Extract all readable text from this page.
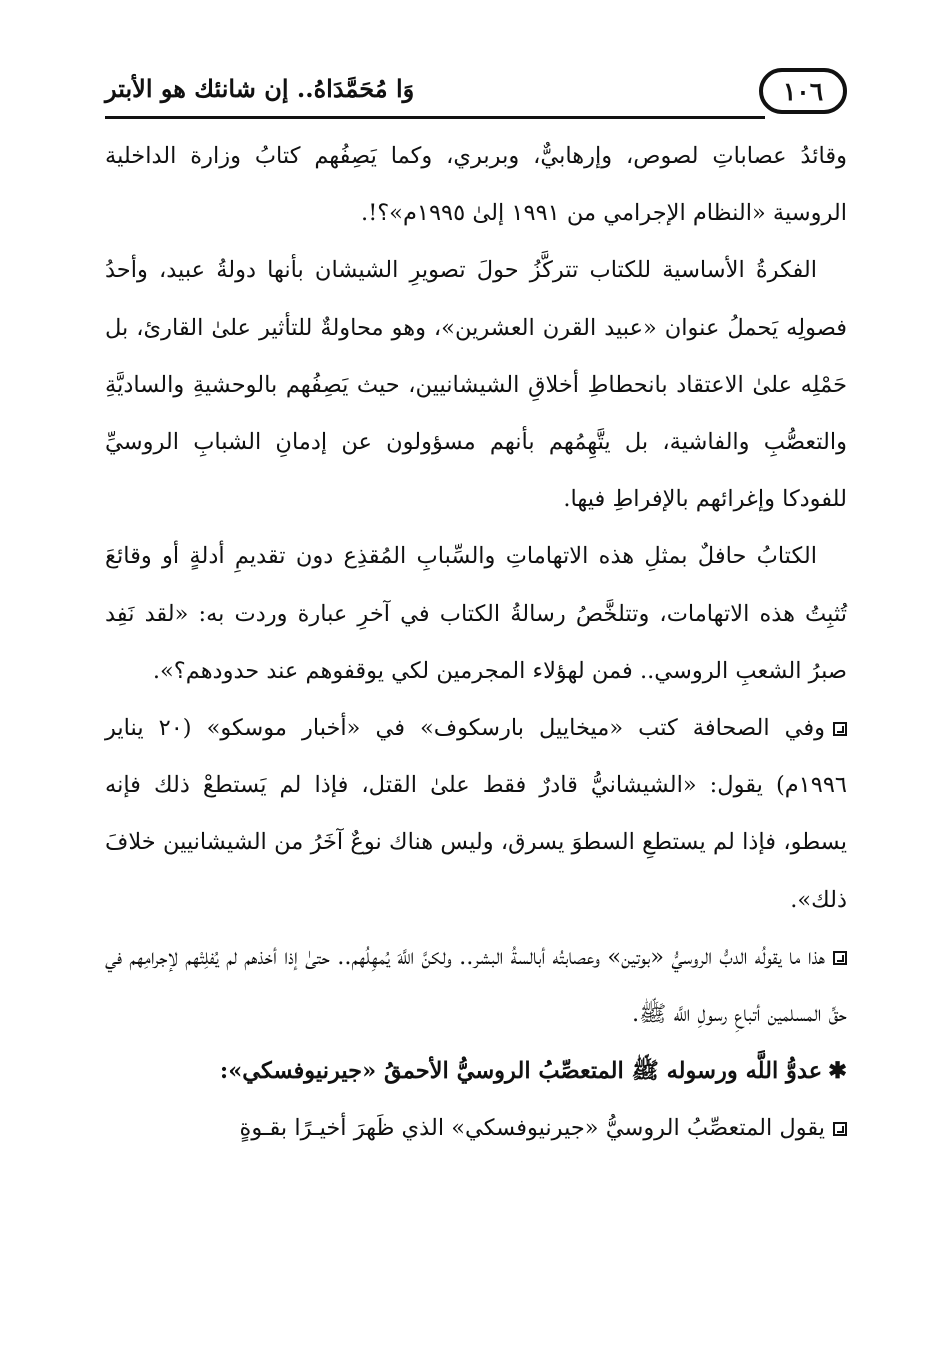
١٠٦
وَا مُحَمَّدَاهُ.. إن شانئك هو الأبتر

وقائدُ عصاباتِ لصوص، وإرهابيٌّ، وبربري، وكما يَصِفُهم كتابُ وزارة الداخلية الروسية «النظام الإجرامي من ١٩٩١ إلىٰ ١٩٩٥م»؟!.

الفكرةُ الأساسية للكتاب تتركَّزُ حولَ تصويرِ الشيشان بأنها دولةُ عبيد، وأحدُ فصولِه يَحملُ عنوان «عبيد القرن العشرين»، وهو محاولةٌ للتأثير علىٰ القارئ، بل حَمْلِه علىٰ الاعتقاد بانحطاطِ أخلاقِ الشيشانيين، حيث يَصِفُهم بالوحشيةِ والساديَّةِ والتعصُّبِ والفاشية، بل يتَّهِمُهم بأنهم مسؤولون عن إدمانِ الشبابِ الروسيِّ للفودكا وإغرائهم بالإفراطِ فيها.

الكتابُ حافلٌ بمثلِ هذه الاتهاماتِ والسِّبابِ المُقذِع دون تقديمِ أدلةٍ أو وقائعَ تُثبِتُ هذه الاتهامات، وتتلخَّصُ رسالةُ الكتاب في آخرِ عبارة وردت به: «لقد نَفِد صبرُ الشعبِ الروسي.. فمن لهؤلاء المجرمين لكي يوقفوهم عند حدودهم؟».

وفي الصحافة كتب «ميخاييل بارسكوف» في «أخبار موسكو» (٢٠ يناير ١٩٩٦م) يقول: «الشيشانيُّ قادرٌ فقط علىٰ القتل، فإذا لم يَستطعْ ذلك فإنه يسطو، فإذا لم يستطعِ السطوَ يسرق، وليس هناك نوعٌ آخَرُ من الشيشانيين خلافَ ذلك».

هذا ما يقولُه الدبُّ الروسيُّ «بوتين» وعصابتُه أبالسةُ البشر.. ولكنَّ اللَّهَ يُمهِلُهم.. حتىٰ إذا أخذهم لم يُفلِتْهم لإجرامِهم في حقِّ المسلمين أتباعِ رسولِ اللَّه ﷺ.

✱عدوُّ اللَّه ورسوله ﷺ المتعصِّبُ الروسيُّ الأحمقُ «جيرنيوفسكي»:

يقول المتعصِّبُ الروسيُّ «جيرنيوفسكي» الذي ظَهرَ أخيـرًا بقـوةٍ
